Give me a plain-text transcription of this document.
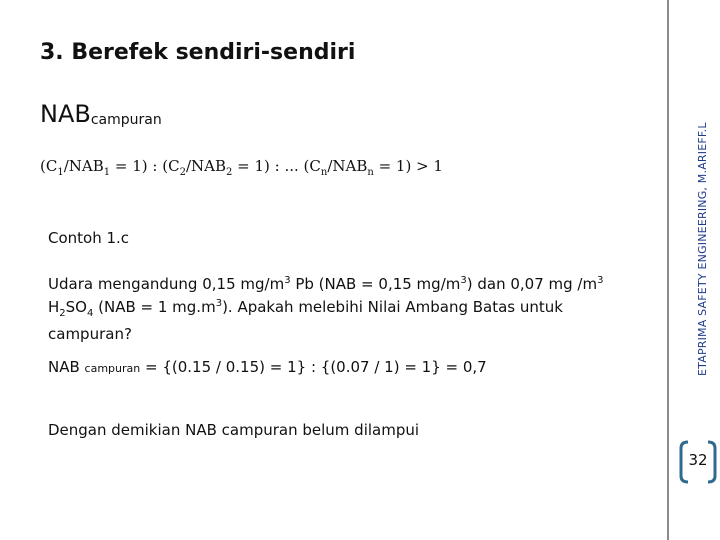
ETAPRIMA SAFETY ENGINEERING, M.ARIEFF.L
3. Berefek sendiri-sendiri
NABcampuran
$(C_1/NAB_1 = 1)$ : $(C_2/NAB_2 = 1)$ : ... $(C_n/NAB_n = 1) > 1$
Contoh 1.c
Udara mengandung 0,15 $mg/m^3$ Pb (NAB = 0,15 $mg/m^3$) dan 0,07 mg $/m^3$ $H_2SO_4$ (NAB = 1 $mg.m^3$). Apakah melebihi Nilai Ambang Batas untuk campuran?
NAB campuran = {(0.15 / 0.15) = 1} : {(0.07 / 1) = 1} = 0,7
Dengan demikian NAB campuran belum dilampui
32
